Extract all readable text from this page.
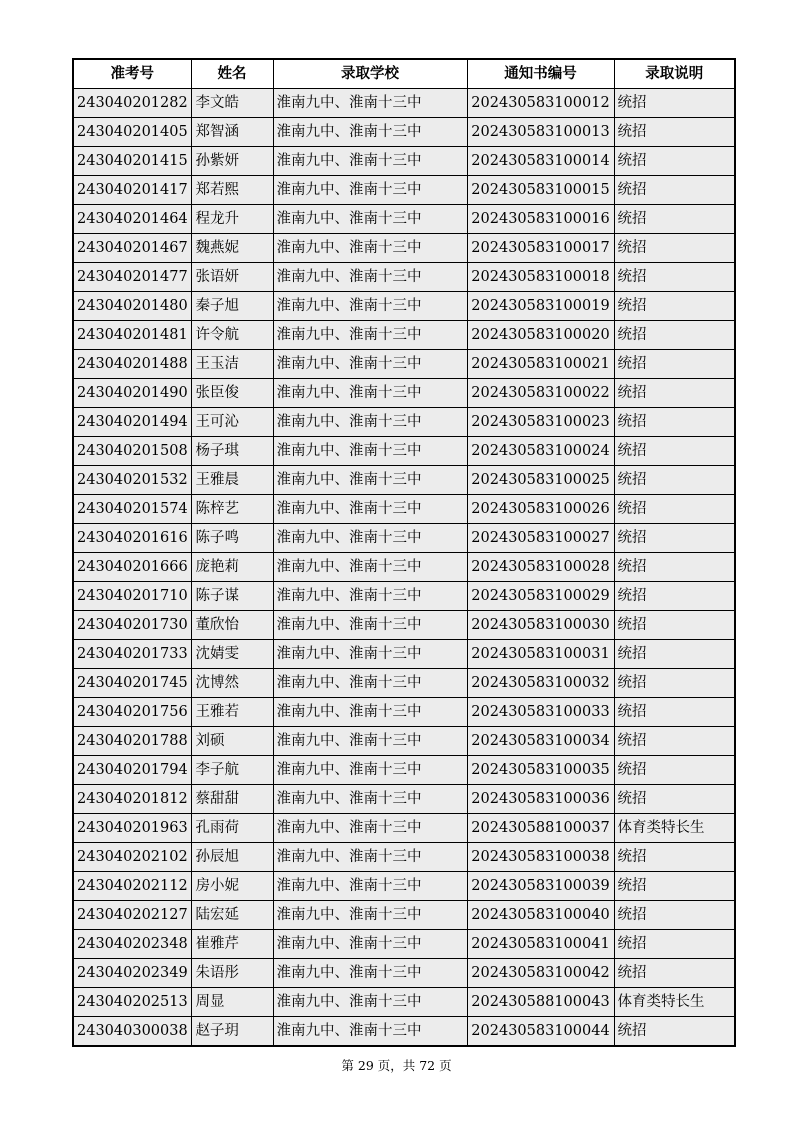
准考号	姓名	录取学校	通知书编号	录取说明
243040201282	李文皓	淮南九中、淮南十三中	202430583100012	统招
243040201405	郑智涵	淮南九中、淮南十三中	202430583100013	统招
243040201415	孙紫妍	淮南九中、淮南十三中	202430583100014	统招
243040201417	郑若熙	淮南九中、淮南十三中	202430583100015	统招
243040201464	程龙升	淮南九中、淮南十三中	202430583100016	统招
243040201467	魏燕妮	淮南九中、淮南十三中	202430583100017	统招
243040201477	张语妍	淮南九中、淮南十三中	202430583100018	统招
243040201480	秦子旭	淮南九中、淮南十三中	202430583100019	统招
243040201481	许令航	淮南九中、淮南十三中	202430583100020	统招
243040201488	王玉洁	淮南九中、淮南十三中	202430583100021	统招
243040201490	张臣俊	淮南九中、淮南十三中	202430583100022	统招
243040201494	王可沁	淮南九中、淮南十三中	202430583100023	统招
243040201508	杨子琪	淮南九中、淮南十三中	202430583100024	统招
243040201532	王雅晨	淮南九中、淮南十三中	202430583100025	统招
243040201574	陈梓艺	淮南九中、淮南十三中	202430583100026	统招
243040201616	陈子鸣	淮南九中、淮南十三中	202430583100027	统招
243040201666	庞艳莉	淮南九中、淮南十三中	202430583100028	统招
243040201710	陈子谋	淮南九中、淮南十三中	202430583100029	统招
243040201730	董欣怡	淮南九中、淮南十三中	202430583100030	统招
243040201733	沈婧雯	淮南九中、淮南十三中	202430583100031	统招
243040201745	沈博然	淮南九中、淮南十三中	202430583100032	统招
243040201756	王雅若	淮南九中、淮南十三中	202430583100033	统招
243040201788	刘硕	淮南九中、淮南十三中	202430583100034	统招
243040201794	李子航	淮南九中、淮南十三中	202430583100035	统招
243040201812	蔡甜甜	淮南九中、淮南十三中	202430583100036	统招
243040201963	孔雨荷	淮南九中、淮南十三中	202430588100037	体育类特长生
243040202102	孙辰旭	淮南九中、淮南十三中	202430583100038	统招
243040202112	房小妮	淮南九中、淮南十三中	202430583100039	统招
243040202127	陆宏延	淮南九中、淮南十三中	202430583100040	统招
243040202348	崔雅芹	淮南九中、淮南十三中	202430583100041	统招
243040202349	朱语彤	淮南九中、淮南十三中	202430583100042	统招
243040202513	周显	淮南九中、淮南十三中	202430588100043	体育类特长生
243040300038	赵子玥	淮南九中、淮南十三中	202430583100044	统招
第 29 页，共 72 页
